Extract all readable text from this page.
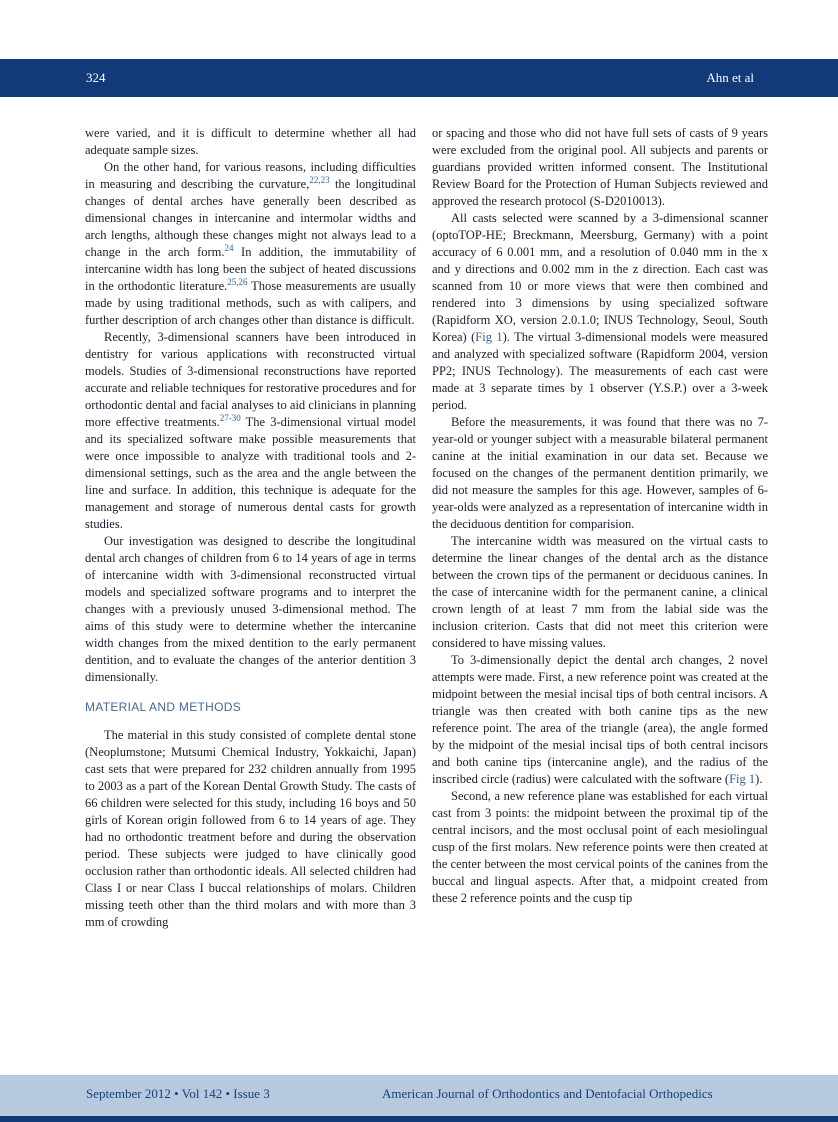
324	Ahn et al

were varied, and it is difficult to determine whether all had adequate sample sizes.

On the other hand, for various reasons, including difficulties in measuring and describing the curvature,$^{22,23}$ the longitudinal changes of dental arches have generally been described as dimensional changes in intercanine and intermolar widths and arch lengths, although these changes might not always lead to a change in the arch form.$^{24}$ In addition, the immutability of intercanine width has long been the subject of heated discussions in the orthodontic literature.$^{25,26}$ Those measurements are usually made by using traditional methods, such as with calipers, and further description of arch changes other than distance is difficult.

Recently, 3-dimensional scanners have been introduced in dentistry for various applications with reconstructed virtual models. Studies of 3-dimensional reconstructions have reported accurate and reliable techniques for restorative procedures and for orthodontic dental and facial analyses to aid clinicians in planning more effective treatments.$^{27-30}$ The 3-dimensional virtual model and its specialized software make possible measurements that were once impossible to analyze with traditional tools and 2-dimensional settings, such as the area and the angle between the line and surface. In addition, this technique is adequate for the management and storage of numerous dental casts for growth studies.

Our investigation was designed to describe the longitudinal dental arch changes of children from 6 to 14 years of age in terms of intercanine width with 3-dimensional reconstructed virtual models and specialized software programs and to interpret the changes with a previously unused 3-dimensional method. The aims of this study were to determine whether the intercanine width changes from the mixed dentition to the early permanent dentition, and to evaluate the changes of the anterior dentition 3 dimensionally.

MATERIAL AND METHODS

The material in this study consisted of complete dental stone (Neoplumstone; Mutsumi Chemical Industry, Yokkaichi, Japan) cast sets that were prepared for 232 children annually from 1995 to 2003 as a part of the Korean Dental Growth Study. The casts of 66 children were selected for this study, including 16 boys and 50 girls of Korean origin followed from 6 to 14 years of age. They had no orthodontic treatment before and during the observation period. These subjects were judged to have clinically good occlusion rather than orthodontic ideals. All selected children had Class I or near Class I buccal relationships of molars. Children missing teeth other than the third molars and with more than 3 mm of crowding

or spacing and those who did not have full sets of casts of 9 years were excluded from the original pool. All subjects and parents or guardians provided written informed consent. The Institutional Review Board for the Protection of Human Subjects reviewed and approved the research protocol (S-D2010013).

All casts selected were scanned by a 3-dimensional scanner (optoTOP-HE; Breckmann, Meersburg, Germany) with a point accuracy of 6 0.001 mm, and a resolution of 0.040 mm in the x and y directions and 0.002 mm in the z direction. Each cast was scanned from 10 or more views that were then combined and rendered into 3 dimensions by using specialized software (Rapidform XO, version 2.0.1.0; INUS Technology, Seoul, South Korea) (Fig 1). The virtual 3-dimensional models were measured and analyzed with specialized software (Rapidform 2004, version PP2; INUS Technology). The measurements of each cast were made at 3 separate times by 1 observer (Y.S.P.) over a 3-week period.

Before the measurements, it was found that there was no 7-year-old or younger subject with a measurable bilateral permanent canine at the initial examination in our data set. Because we focused on the changes of the permanent dentition primarily, we did not measure the samples for this age. However, samples of 6-year-olds were analyzed as a representation of intercanine width in the deciduous dentition for comparision.

The intercanine width was measured on the virtual casts to determine the linear changes of the dental arch as the distance between the crown tips of the permanent or deciduous canines. In the case of intercanine width for the permanent canine, a clinical crown length of at least 7 mm from the labial side was the inclusion criterion. Casts that did not meet this criterion were considered to have missing values.

To 3-dimensionally depict the dental arch changes, 2 novel attempts were made. First, a new reference point was created at the midpoint between the mesial incisal tips of both central incisors. A triangle was then created with both canine tips as the new reference point. The area of the triangle (area), the angle formed by the midpoint of the mesial incisal tips of both central incisors and both canine tips (intercanine angle), and the radius of the inscribed circle (radius) were calculated with the software (Fig 1).

Second, a new reference plane was established for each virtual cast from 3 points: the midpoint between the proximal tip of the central incisors, and the most occlusal point of each mesiolingual cusp of the first molars. New reference points were then created at the center between the most cervical points of the canines from the buccal and lingual aspects. After that, a midpoint created from these 2 reference points and the cusp tip

September 2012 • Vol 142 • Issue 3	American Journal of Orthodontics and Dentofacial Orthopedics
